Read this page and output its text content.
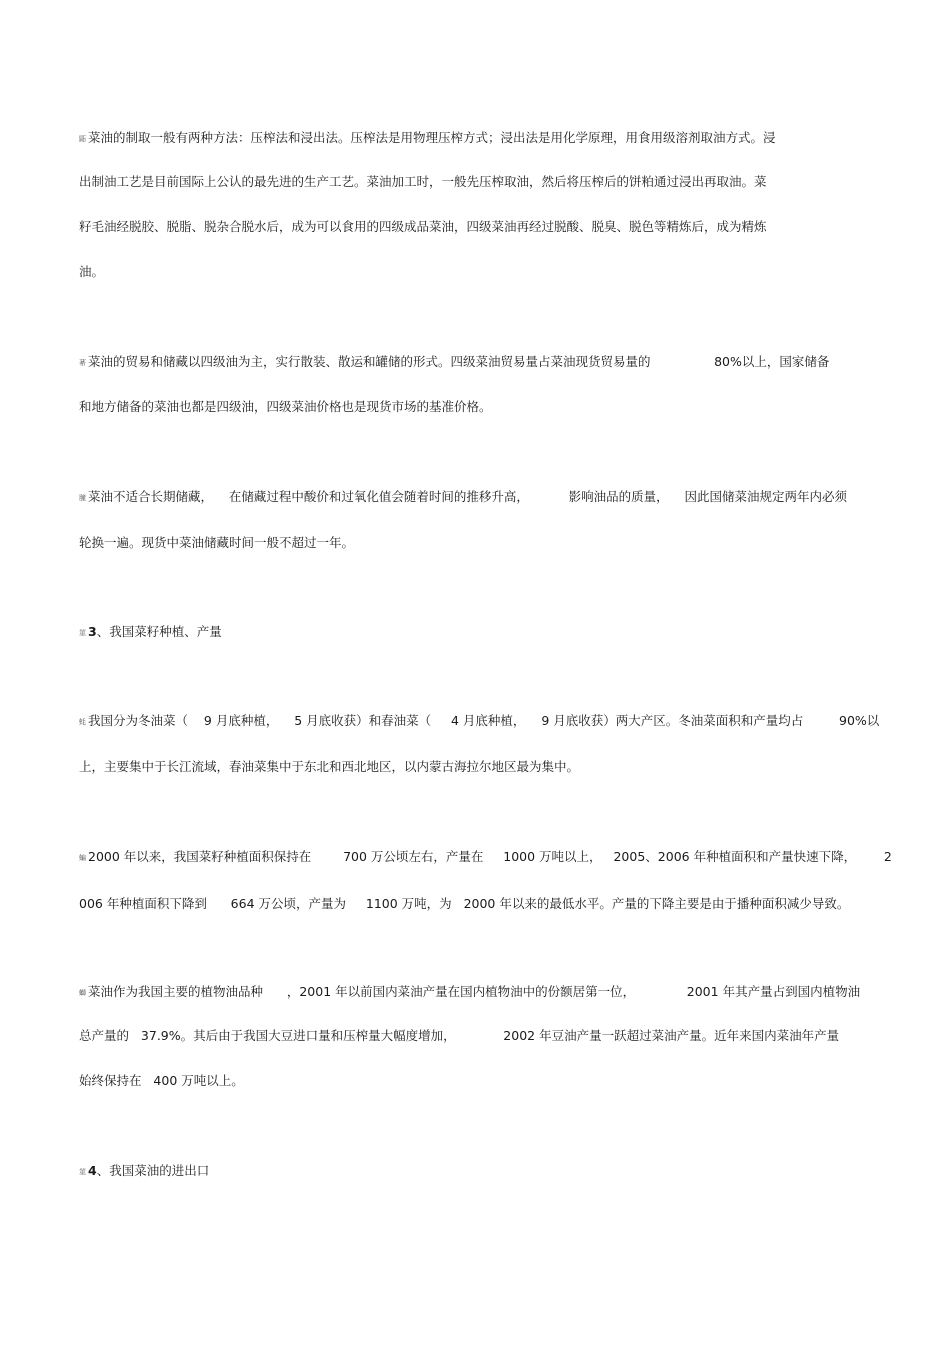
鼫 菜油的制取一般有两种方法：压榨法和浸出法。压榨法是用物理压榨方式；浸出法是用化学原理，用食用级溶剂取油方式。浸
出制油工艺是目前国际上公认的最先进的生产工艺。菜油加工时，一般先压榨取油，然后将压榨后的饼粕通过浸出再取油。菜
籽毛油经脱胶、脱脂、脱杂合脱水后，成为可以食用的四级成品菜油，四级菜油再经过脱酸、脱臭、脱色等精炼后，成为精炼
油。
莃 菜油的贸易和储藏以四级油为主，实行散装、散运和罐储的形式。四级菜油贸易量占菜油现货贸易量的                80%以上，国家储备
和地方储备的菜油也都是四级油，四级菜油价格也是现货市场的基准价格。
膧 菜油不适合长期储藏，    在储藏过程中酸价和过氧化值会随着时间的推移升高，          影响油品的质量，    因此国储菜油规定两年内必须
轮换一遍。现货中菜油储藏时间一般不超过一年。
莁 3、我国菜籽种植、产量
蚝 我国分为冬油菜（    9 月底种植，    5 月底收获）和春油菜（     4 月底种植，    9 月底收获）两大产区。冬油菜面积和产量均占         90%以
上，主要集中于长江流域，春油菜集中于东北和西北地区，以内蒙古海拉尔地区最为集中。
蝙 2000 年以来，我国菜籽种植面积保持在        700 万公顷左右，产量在     1000 万吨以上，   2005、2006 年种植面积和产量快速下降，       2
006 年种植面积下降到      664 万公顷，产量为     1100 万吨，为   2000 年以来的最低水平。产量的下降主要是由于播种面积减少导致。
螄 菜油作为我国主要的植物油品种      ，2001 年以前国内菜油产量在国内植物油中的份额居第一位，             2001 年其产量占到国内植物油
总产量的   37.9%。其后由于我国大豆进口量和压榨量大幅度增加，            2002 年豆油产量一跃超过菜油产量。近年来国内菜油年产量
始终保持在   400 万吨以上。
莁 4、我国菜油的进出口
